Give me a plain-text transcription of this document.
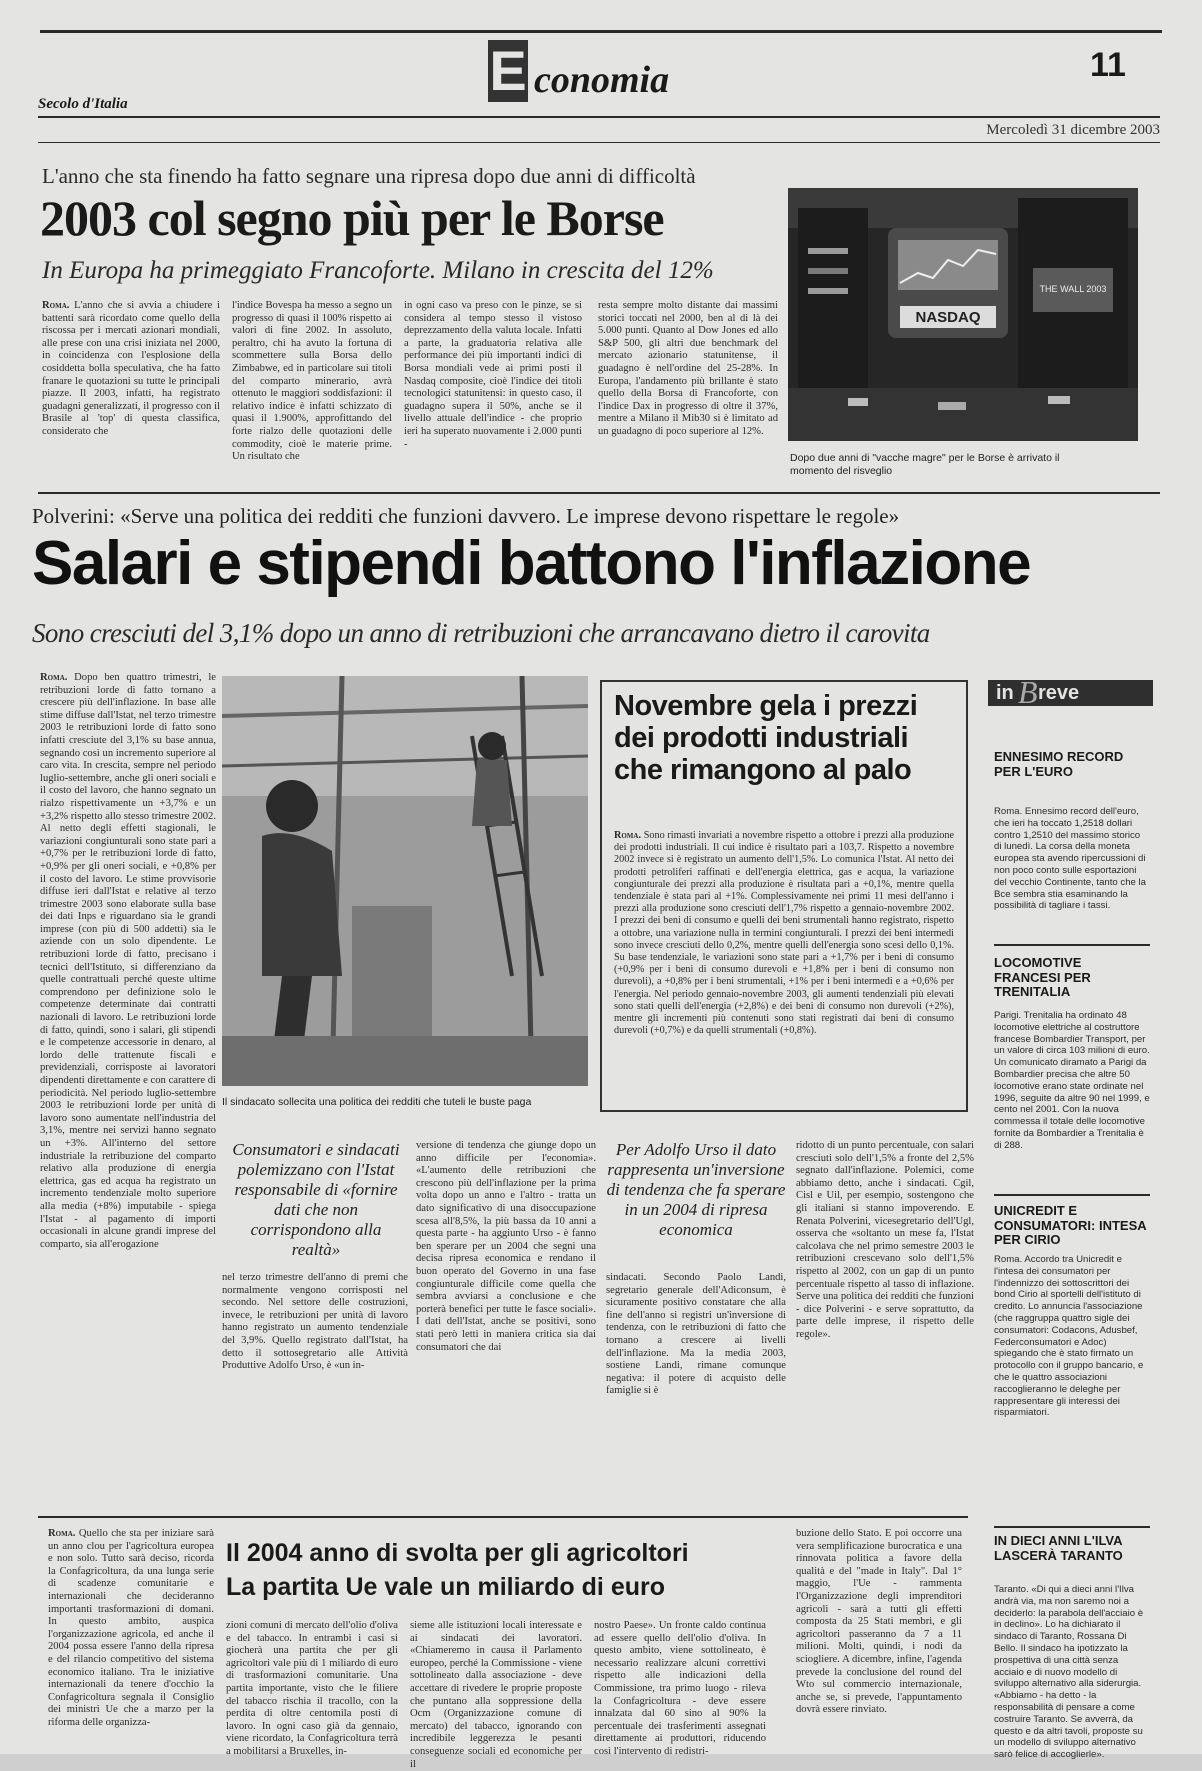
Secolo d'Italia
E conomia	11
Mercoledì 31 dicembre 2003
L'anno che sta finendo ha fatto segnare una ripresa dopo due anni di difficoltà
2003 col segno più per le Borse
In Europa ha primeggiato Francoforte. Milano in crescita del 12%
Roma. L'anno che si avvia a chiudere i battenti sarà ricordato come quello della riscossa per i mercati azionari mondiali, alle prese con una crisi iniziata nel 2000, in coincidenza con l'esplosione della cosiddetta bolla speculativa, che ha fatto franare le quotazioni su tutte le principali piazze. Il 2003, infatti, ha registrato guadagni generalizzati, il progresso con il Brasile al 'top' di questa classifica, considerato che
l'indice Bovespa ha messo a segno un progresso di quasi il 100% rispetto ai valori di fine 2002. In assoluto, peraltro, chi ha avuto la fortuna di scommettere sulla Borsa dello Zimbabwe, ed in particolare sui titoli del comparto minerario, avrà ottenuto le maggiori soddisfazioni: il relativo indice è infatti schizzato di quasi il 1.900%, approfittando del forte rialzo delle quotazioni delle commodity, cioè le materie prime. Un risultato che
in ogni caso va preso con le pinze, se si considera al tempo stesso il vistoso deprezzamento della valuta locale. Infatti a parte, la graduatoria relativa alle performance dei più importanti indici di Borsa mondiali vede ai primi posti il Nasdaq composite, cioè l'indice dei titoli tecnologici statunitensi: in questo caso, il guadagno supera il 50%, anche se il livello attuale dell'indice - che proprio ieri ha superato nuovamente i 2.000 punti -
resta sempre molto distante dai massimi storici toccati nel 2000, ben al di là dei 5.000 punti. Quanto al Dow Jones ed allo S&P 500, gli altri due benchmark del mercato azionario statunitense, il guadagno è nell'ordine del 25-28%. In Europa, l'andamento più brillante è stato quello della Borsa di Francoforte, con l'indice Dax in progresso di oltre il 37%, mentre a Milano il Mib30 si è limitato ad un guadagno di poco superiore al 12%.
NASDAQ
THE WALL 2003
Dopo due anni di "vacche magre" per le Borse è arrivato il momento del risveglio
Polverini: «Serve una politica dei redditi che funzioni davvero. Le imprese devono rispettare le regole»
Salari e stipendi battono l'inflazione
Sono cresciuti del 3,1% dopo un anno di retribuzioni che arrancavano dietro il carovita
Roma. Dopo ben quattro trimestri, le retribuzioni lorde di fatto tornano a crescere più dell'inflazione. In base alle stime diffuse dall'Istat, nel terzo trimestre 2003 le retribuzioni lorde di fatto sono infatti cresciute del 3,1% su base annua, segnando così un incremento superiore al caro vita. In crescita, sempre nel periodo luglio-settembre, anche gli oneri sociali e il costo del lavoro, che hanno segnato un rialzo rispettivamente un +3,7% e un +3,2% rispetto allo stesso trimestre 2002. Al netto degli effetti stagionali, le variazioni congiunturali sono state pari a +0,7% per le retribuzioni lorde di fatto, +0,9% per gli oneri sociali, e +0,8% per il costo del lavoro. Le stime provvisorie diffuse ieri dall'Istat e relative al terzo trimestre 2003 sono elaborate sulla base dei dati Inps e riguardano sia le grandi imprese (con più di 500 addetti) sia le aziende con un solo dipendente. Le retribuzioni lorde di fatto, precisano i tecnici dell'Istituto, si differenziano da quelle contrattuali perché queste ultime comprendono per definizione solo le competenze determinate dai contratti nazionali di lavoro. Le retribuzioni lorde di fatto, quindi, sono i salari, gli stipendi e le competenze accessorie in denaro, al lordo delle trattenute fiscali e previdenziali, corrisposte ai lavoratori dipendenti direttamente e con carattere di periodicità. Nel periodo luglio-settembre 2003 le retribuzioni lorde per unità di lavoro sono aumentate nell'industria del 3,1%, mentre nei servizi hanno segnato un +3%. All'interno del settore industriale la retribuzione del comparto relativo alla produzione di energia elettrica, gas ed acqua ha registrato un incremento tendenziale molto superiore alla media (+8%) imputabile - spiega l'Istat - al pagamento di importi occasionali in alcune grandi imprese del comparto, sia all'erogazione
Il sindacato sollecita una politica dei redditi che tuteli le buste paga
Consumatori e sindacati polemizzano con l'Istat responsabile di «fornire dati che non corrispondono alla realtà»
nel terzo trimestre dell'anno di premi che normalmente vengono corrisposti nel secondo. Nel settore delle costruzioni, invece, le retribuzioni per unità di lavoro hanno registrato un aumento tendenziale del 3,9%. Quello registrato dall'Istat, ha detto il sottosegretario alle Attività Produttive Adolfo Urso, è «un in-
versione di tendenza che giunge dopo un anno difficile per l'economia». «L'aumento delle retribuzioni che crescono più dell'inflazione per la prima volta dopo un anno e l'altro - tratta un dato significativo di una disoccupazione scesa all'8,5%, la più bassa da 10 anni a questa parte - ha aggiunto Urso - è fanno ben sperare per un 2004 che segni una decisa ripresa economica e rendano il buon operato del Governo in una fase congiunturale difficile come quella che sembra avviarsi a conclusione e che porterà benefici per tutte le fasce sociali». I dati dell'Istat, anche se positivi, sono stati però letti in maniera critica sia dai consumatori che dai
Per Adolfo Urso il dato rappresenta un'inversione di tendenza che fa sperare in un 2004 di ripresa economica
sindacati. Secondo Paolo Landi, segretario generale dell'Adiconsum, è sicuramente positivo constatare che alla fine dell'anno si registri un'inversione di tendenza, con le retribuzioni di fatto che tornano a crescere ai livelli dell'inflazione. Ma la media 2003, sostiene Landi, rimane comunque negativa: il potere di acquisto delle famiglie si è
ridotto di un punto percentuale, con salari cresciuti solo dell'1,5% a fronte del 2,5% segnato dall'inflazione. Polemici, come abbiamo detto, anche i sindacati. Cgil, Cisl e Uil, per esempio, sostengono che gli italiani si stanno impoverendo. E Renata Polverini, vicesegretario dell'Ugl, osserva che «soltanto un mese fa, l'Istat calcolava che nel primo semestre 2003 le retribuzioni crescevano solo dell'1,5% rispetto al 2002, con un gap di un punto percentuale rispetto al tasso di inflazione. Serve una politica dei redditi che funzioni - dice Polverini - e serve soprattutto, da parte delle imprese, il rispetto delle regole».
Novembre gela i prezzi dei prodotti industriali che rimangono al palo
Roma. Sono rimasti invariati a novembre rispetto a ottobre i prezzi alla produzione dei prodotti industriali. Il cui indice è risultato pari a 103,7. Rispetto a novembre 2002 invece si è registrato un aumento dell'1,5%. Lo comunica l'Istat. Al netto dei prodotti petroliferi raffinati e dell'energia elettrica, gas e acqua, la variazione congiunturale dei prezzi alla produzione è risultata pari a +0,1%, mentre quella tendenziale è stata pari al +1%. Complessivamente nei primi 11 mesi dell'anno i prezzi alla produzione sono cresciuti dell'1,7% rispetto a gennaio-novembre 2002. I prezzi dei beni di consumo e quelli dei beni strumentali hanno registrato, rispetto a ottobre, una variazione nulla in termini congiunturali. I prezzi dei beni intermedi sono invece cresciuti dello 0,2%, mentre quelli dell'energia sono scesi dello 0,1%. Su base tendenziale, le variazioni sono state pari a +1,7% per i beni di consumo (+0,9% per i beni di consumo durevoli e +1,8% per i beni di consumo non durevoli), a +0,8% per i beni strumentali, +1% per i beni intermedi e a +0,6% per l'energia. Nel periodo gennaio-novembre 2003, gli aumenti tendenziali più elevati sono stati quelli dell'energia (+2,8%) e dei beni di consumo non durevoli (+2%), mentre gli incrementi più contenuti sono stati registrati dai beni di consumo durevoli (+0,7%) e da quelli strumentali (+0,8%).
in B reve
ENNESIMO RECORD PER L'EURO
Roma. Ennesimo record dell'euro, che ieri ha toccato 1,2518 dollari contro 1,2510 del massimo storico di lunedì. La corsa della moneta europea sta avendo ripercussioni di non poco conto sulle esportazioni del vecchio Continente, tanto che la Bce sembra stia esaminando la possibilità di tagliare i tassi.
LOCOMOTIVE FRANCESI PER TRENITALIA
Parigi. Trenitalia ha ordinato 48 locomotive elettriche al costruttore francese Bombardier Transport, per un valore di circa 103 milioni di euro. Un comunicato diramato a Parigi da Bombardier precisa che altre 50 locomotive erano state ordinate nel 1996, seguite da altre 90 nel 1999, e cento nel 2001. Con la nuova commessa il totale delle locomotive fornite da Bombardier a Trenitalia è di 288.
UNICREDIT E CONSUMATORI: INTESA PER CIRIO
Roma. Accordo tra Unicredit e l'intesa dei consumatori per l'indennizzo dei sottoscrittori dei bond Cirio al sportelli dell'istituto di credito. Lo annuncia l'associazione (che raggruppa quattro sigle dei consumatori: Codacons, Adusbef, Federconsumatori e Adoc) spiegando che è stato firmato un protocollo con il gruppo bancario, e che le quattro associazioni raccoglieranno le deleghe per rappresentare gli interessi dei risparmiatori.
Roma. Quello che sta per iniziare sarà un anno clou per l'agricoltura europea e non solo. Tutto sarà deciso, ricorda la Confagricoltura, da una lunga serie di scadenze comunitarie e internazionali che decideranno importanti trasformazioni di domani. In questo ambito, auspica l'organizzazione agricola, ed anche il 2004 possa essere l'anno della ripresa e del rilancio competitivo del sistema economico italiano. Tra le iniziative internazionali da tenere d'occhio la Confagricoltura segnala il Consiglio dei ministri Ue che a marzo per la riforma delle organizza-
Il 2004 anno di svolta per gli agricoltori
La partita Ue vale un miliardo di euro
zioni comuni di mercato dell'olio d'oliva e del tabacco. In entrambi i casi si giocherà una partita che per gli agricoltori vale più di 1 miliardo di euro di trasformazioni comunitarie. Una partita importante, visto che le filiere del tabacco rischia il tracollo, con la perdita di oltre centomila posti di lavoro. In ogni caso già da gennaio, viene ricordato, la Confagricoltura terrà a mobilitarsi a Bruxelles, in-
sieme alle istituzioni locali interessate e ai sindacati dei lavoratori. «Chiameremo in causa il Parlamento europeo, perché la Commissione - viene sottolineato dalla associazione - deve accettare di rivedere le proprie proposte che puntano alla soppressione della Ocm (Organizzazione comune di mercato) del tabacco, ignorando con incredibile leggerezza le pesanti conseguenze sociali ed economiche per il
nostro Paese». Un fronte caldo continua ad essere quello dell'olio d'oliva. In questo ambito, viene sottolineato, è necessario realizzare alcuni correttivi rispetto alle indicazioni della Commissione, tra primo luogo - rileva la Confagricoltura - deve essere innalzata dal 60 sino al 90% la percentuale dei trasferimenti assegnati direttamente ai produttori, riducendo così l'intervento di redistri-
buzione dello Stato. E poi occorre una vera semplificazione burocratica e una rinnovata politica a favore della qualità e del "made in Italy". Dal 1° maggio, l'Ue - rammenta l'Organizzazione degli imprenditori agricoli - sarà a tutti gli effetti composta da 25 Stati membri, e gli agricoltori passeranno da 7 a 11 milioni. Molti, quindi, i nodi da sciogliere. A dicembre, infine, l'agenda prevede la conclusione del round del Wto sul commercio internazionale, anche se, si prevede, l'appuntamento dovrà essere rinviato.
IN DIECI ANNI L'ILVA LASCERÀ TARANTO
Taranto. «Di qui a dieci anni l'Ilva andrà via, ma non saremo noi a deciderlo: la parabola dell'acciaio è in declino». Lo ha dichiarato il sindaco di Taranto, Rossana Di Bello. Il sindaco ha ipotizzato la prospettiva di una città senza acciaio e di nuovo modello di sviluppo alternativo alla siderurgia. «Abbiamo - ha detto - la responsabilità di pensare a come costruire Taranto. Se avverrà, da questo e da altri tavoli, proposte su un modello di sviluppo alternativo sarò felice di accoglierle».
